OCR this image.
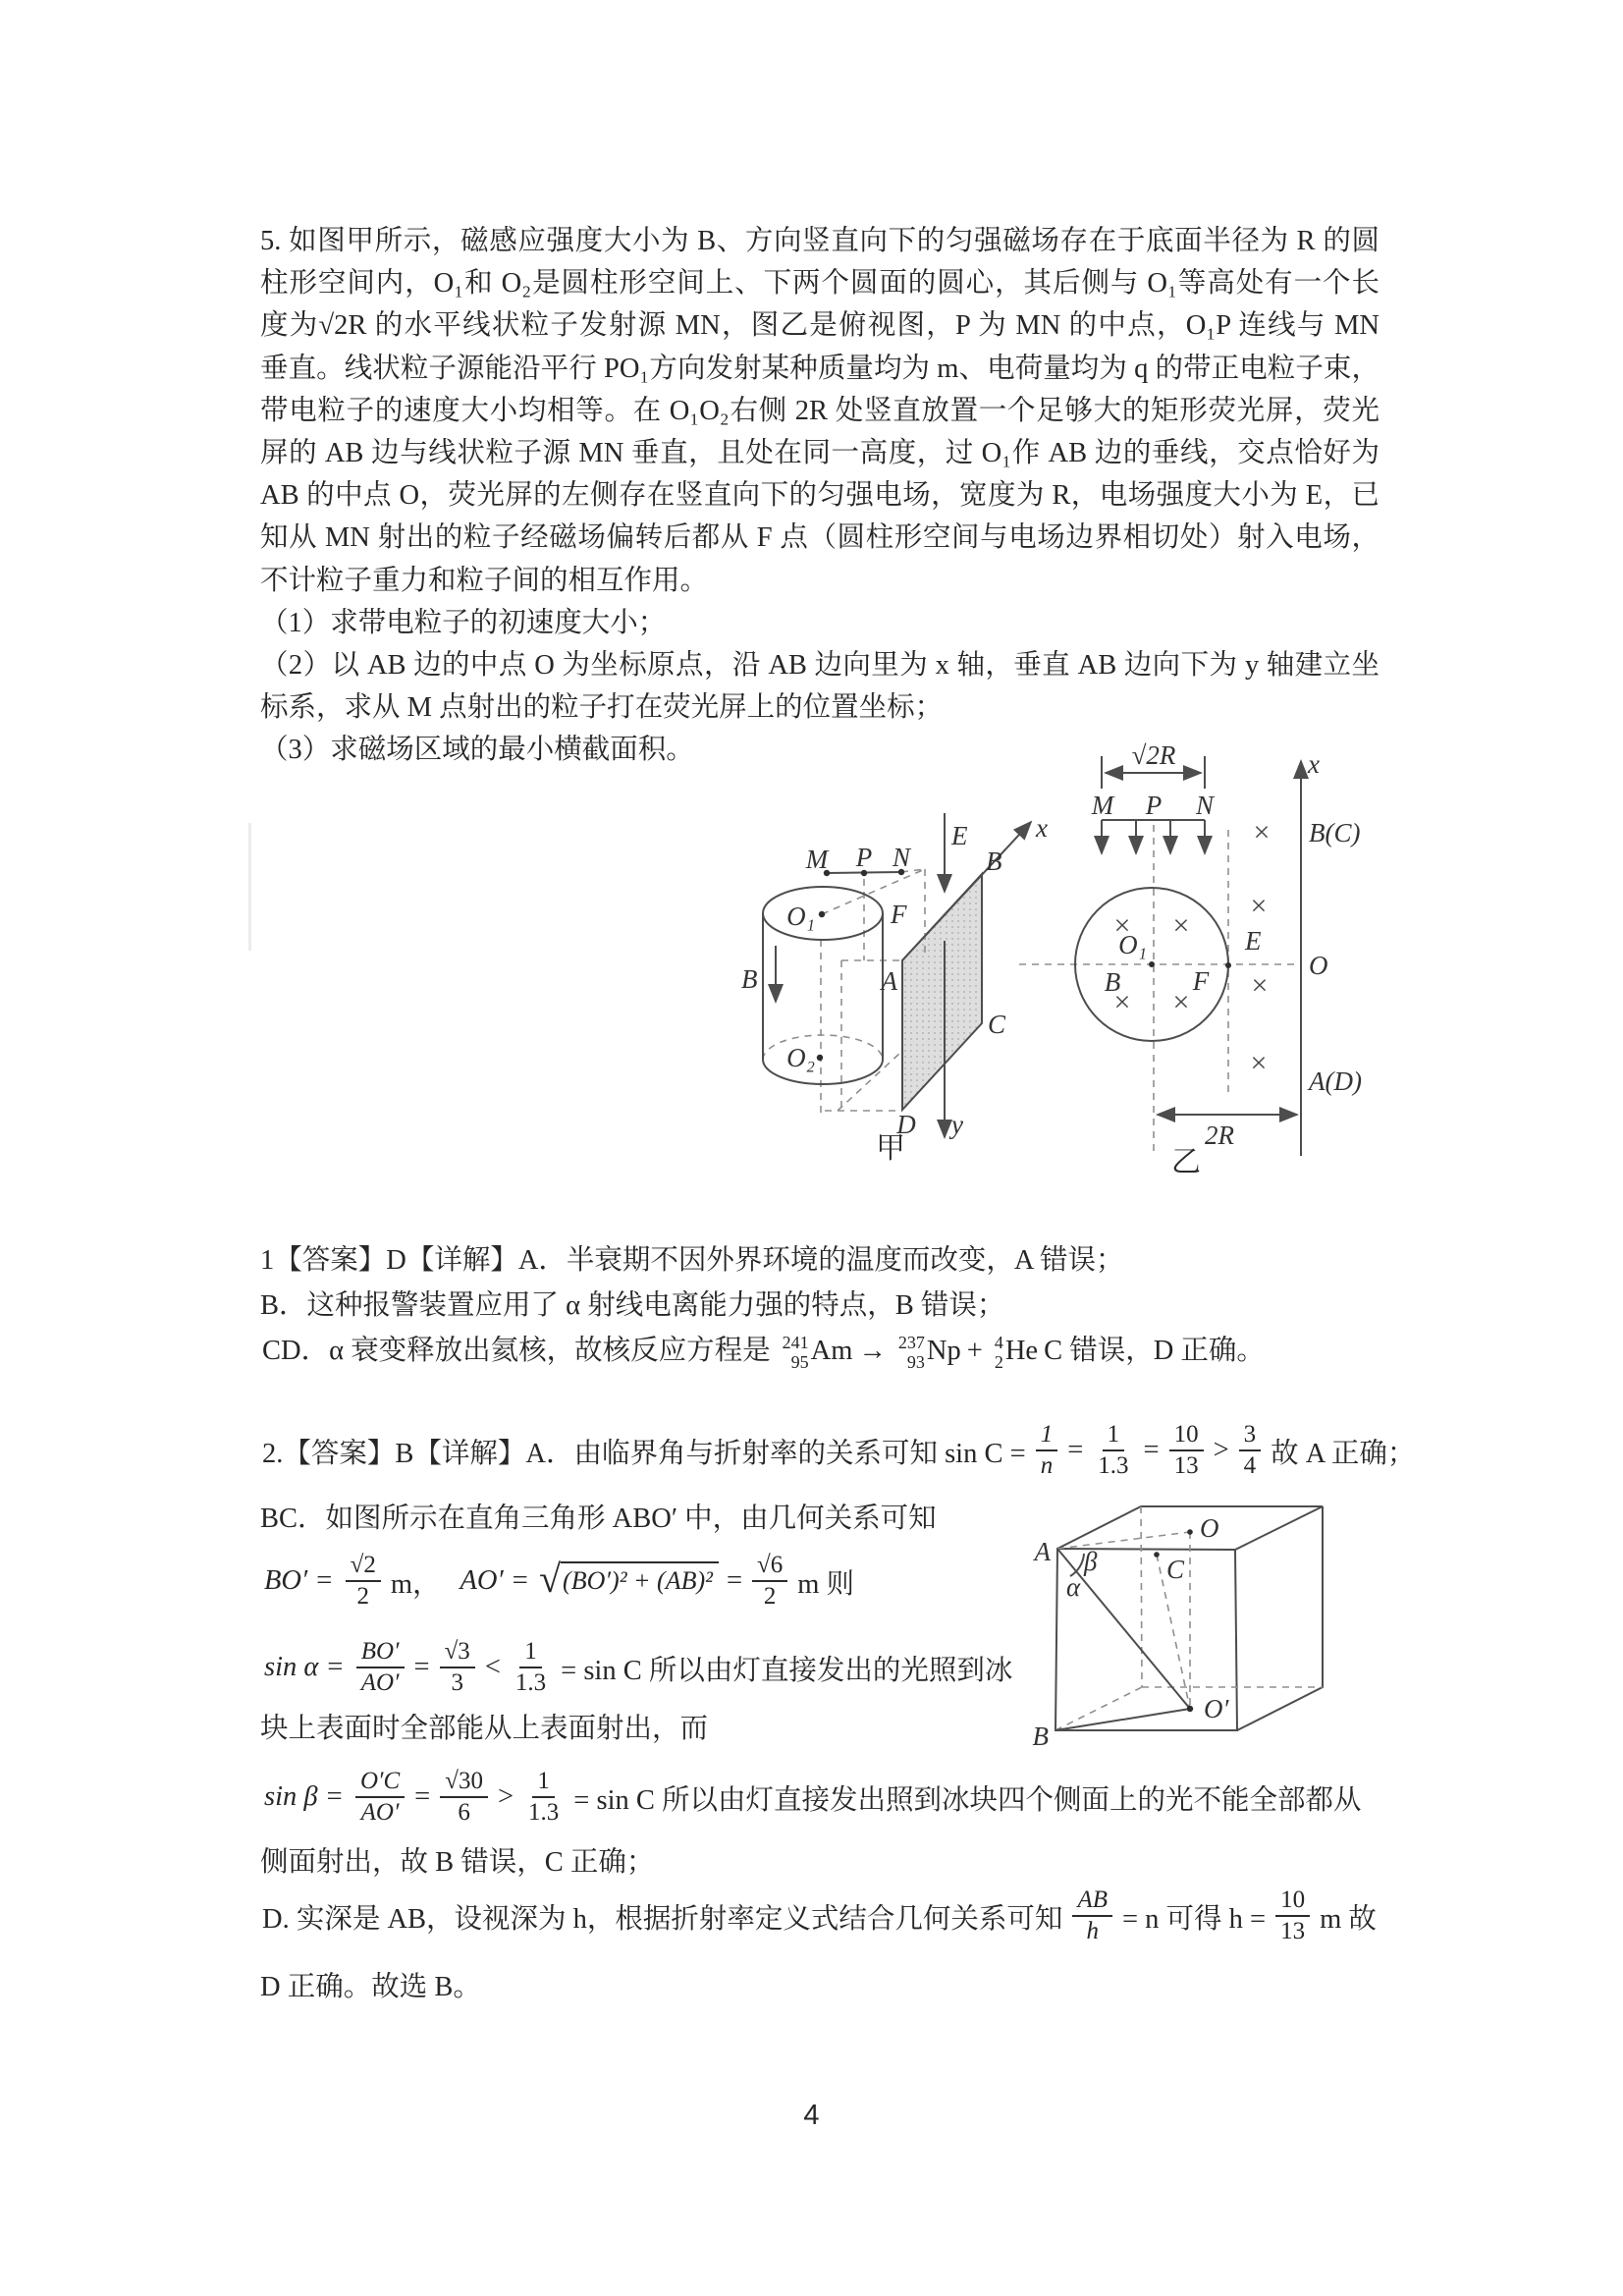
5. 如图甲所示，磁感应强度大小为 B、方向竖直向下的匀强磁场存在于底面半径为 R 的圆
柱形空间内，O₁和 O₂是圆柱形空间上、下两个圆面的圆心，其后侧与 O₁等高处有一个长
度为√2R 的水平线状粒子发射源 MN，图乙是俯视图，P 为 MN 的中点，O₁P 连线与 MN
垂直。线状粒子源能沿平行 PO₁方向发射某种质量均为 m、电荷量均为 q 的带正电粒子束，
带电粒子的速度大小均相等。在 O₁O₂右侧 2R 处竖直放置一个足够大的矩形荧光屏，荧光
屏的 AB 边与线状粒子源 MN 垂直，且处在同一高度，过 O₁作 AB 边的垂线，交点恰好为
AB 的中点 O，荧光屏的左侧存在竖直向下的匀强电场，宽度为 R，电场强度大小为 E，已
知从 MN 射出的粒子经磁场偏转后都从 F 点（圆柱形空间与电场边界相切处）射入电场，
不计粒子重力和粒子间的相互作用。
（1）求带电粒子的初速度大小；
（2）以 AB 边的中点 O 为坐标原点，沿 AB 边向里为 x 轴，垂直 AB 边向下为 y 轴建立坐
标系，求从 M 点射出的粒子打在荧光屏上的位置坐标；
（3）求磁场区域的最小横截面积。
M P N
O₁
O₂
F
B
E	x
y
B
A
C
D
甲
√2R
M P N
× ×
× ×
O₁
B	F
×
×
×
×
E
x
B(C)
O
A(D)
2R
乙
1【答案】D【详解】A．半衰期不因外界环境的温度而改变，A 错误；
B．这种报警装置应用了 α 射线电离能力强的特点，B 错误；
CD．α 衰变释放出氦核，故核反应方程是 241
95 Am → 237
93 Np + 4
2 He C 错误，D 正确。
2.【答案】B【详解】A．由临界角与折射率的关系可知 $\sin C = \frac{1}{n} = \frac{1}{1.3} = \frac{10}{13} > \frac{3}{4}$ 故 A 正确；
BC．如图所示在直角三角形 ABO′ 中，由几何关系可知
$BO' = \frac{√2}{2}$ m， AO′ = √ $(BO')^2 + (AB)^2 = \frac{√6}{2}$ m 则
$\sin \alpha = \frac{BO'}{AO'} = \frac{√3}{3} < \frac{1}{1.3} = \sin C$ 所以由灯直接发出的光照到冰
块上表面时全部能从上表面射出，而
$\sin \beta = \frac{O'C}{AO'} = \frac{√30}{6} > \frac{1}{1.3} = \sin C$ 所以由灯直接发出照到冰块四个侧面上的光不能全部都从
侧面射出，故 B 错误，C 正确；
D. 实深是 AB，设视深为 h，根据折射率定义式结合几何关系可知 $\frac{AB}{h} = n$ 可得 $h = \frac{10}{13}$ m 故
D 正确。故选 B。
A
B
O
C
O′
α
β
4
